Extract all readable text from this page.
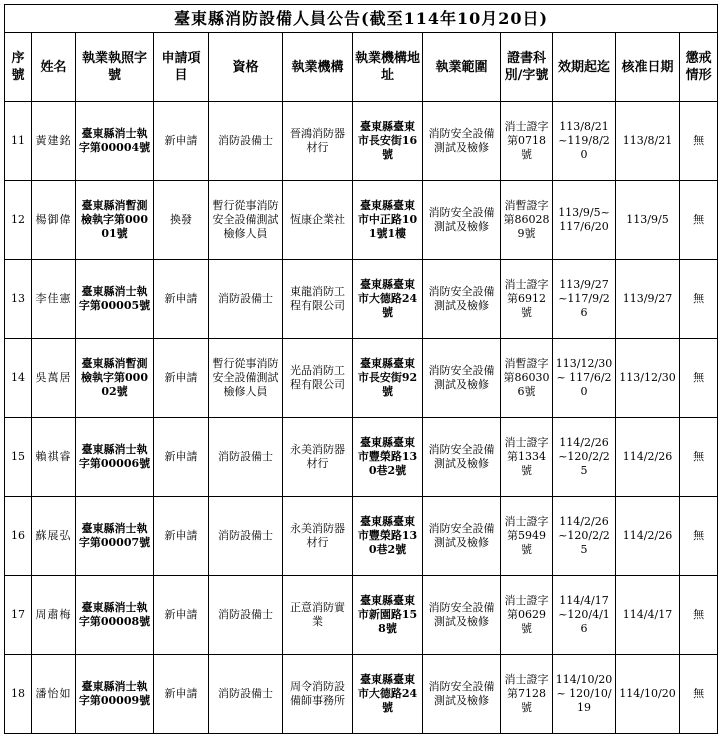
臺東縣消防設備人員公告(截至114年10月20日)											
序號	姓名	執業執照字號	申請項目	資格	執業機構	執業機構地址	執業範圍	證書科別/字號	效期起迄	核准日期	懲戒情形
11	黃建銘	臺東縣消士執字第00004號	新申請	消防設備士	晉鴻消防器材行	臺東縣臺東市長安街16號	消防安全設備測試及檢修	消士證字第0718號	113/8/21~119/8/20	113/8/21	無
12	楊御偉	臺東縣消暫測檢執字第00001號	換發	暫行從事消防安全設備測試檢修人員	恆康企業社	臺東縣臺東市中正路101號1樓	消防安全設備測試及檢修	消暫證字第860289號	113/9/5~117/6/20	113/9/5	無
13	李佳憲	臺東縣消士執字第00005號	新申請	消防設備士	東龍消防工程有限公司	臺東縣臺東市大德路24號	消防安全設備測試及檢修	消士證字第6912號	113/9/27~117/9/26	113/9/27	無
14	吳萬居	臺東縣消暫測檢執字第00002號	新申請	暫行從事消防安全設備測試檢修人員	光品消防工程有限公司	臺東縣臺東市長安街92號	消防安全設備測試及檢修	消暫證字第860306號	113/12/30 ~ 117/6/20	113/12/30	無
15	賴祺睿	臺東縣消士執字第00006號	新申請	消防設備士	永美消防器材行	臺東縣臺東市豐榮路130巷2號	消防安全設備測試及檢修	消士證字第1334號	114/2/26~120/2/25	114/2/26	無
16	蘇展弘	臺東縣消士執字第00007號	新申請	消防設備士	永美消防器材行	臺東縣臺東市豐榮路130巷2號	消防安全設備測試及檢修	消士證字第5949號	114/2/26~120/2/25	114/2/26	無
17	周肅梅	臺東縣消士執字第00008號	新申請	消防設備士	正意消防實業	臺東縣臺東市新園路158號	消防安全設備測試及檢修	消士證字第0629號	114/4/17~120/4/16	114/4/17	無
18	潘怡如	臺東縣消士執字第00009號	新申請	消防設備士	周令消防設備師事務所	臺東縣臺東市大德路24號	消防安全設備測試及檢修	消士證字第7128號	114/10/20 ~ 120/10/19	114/10/20	無
